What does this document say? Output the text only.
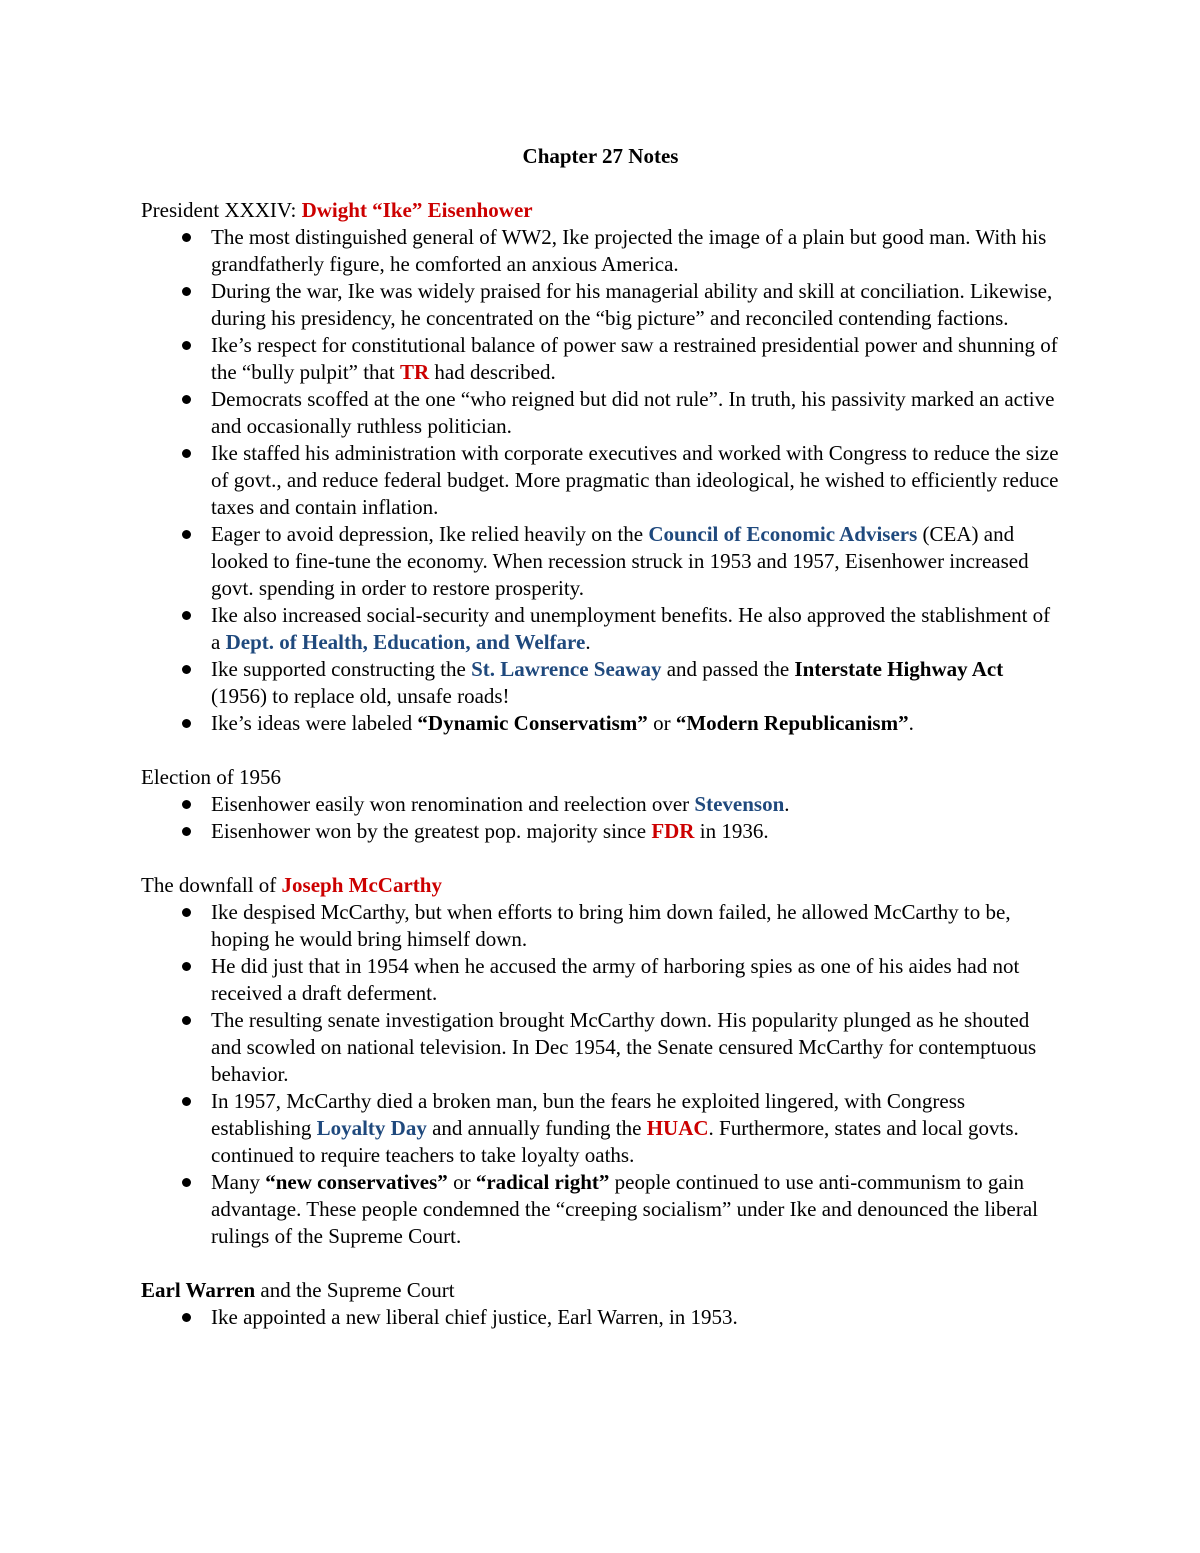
Chapter 27 Notes
President XXXIV: Dwight “Ike” Eisenhower
The most distinguished general of WW2, Ike projected the image of a plain but good man. With his grandfatherly figure, he comforted an anxious America.
During the war, Ike was widely praised for his managerial ability and skill at conciliation. Likewise, during his presidency, he concentrated on the “big picture” and reconciled contending factions.
Ike’s respect for constitutional balance of power saw a restrained presidential power and shunning of the “bully pulpit” that TR had described.
Democrats scoffed at the one “who reigned but did not rule”. In truth, his passivity marked an active and occasionally ruthless politician.
Ike staffed his administration with corporate executives and worked with Congress to reduce the size of govt., and reduce federal budget. More pragmatic than ideological, he wished to efficiently reduce taxes and contain inflation.
Eager to avoid depression, Ike relied heavily on the Council of Economic Advisers (CEA) and looked to fine-tune the economy. When recession struck in 1953 and 1957, Eisenhower increased govt. spending in order to restore prosperity.
Ike also increased social-security and unemployment benefits. He also approved the stablishment of a Dept. of Health, Education, and Welfare.
Ike supported constructing the St. Lawrence Seaway and passed the Interstate Highway Act (1956) to replace old, unsafe roads!
Ike’s ideas were labeled “Dynamic Conservatism” or “Modern Republicanism”.
Election of 1956
Eisenhower easily won renomination and reelection over Stevenson.
Eisenhower won by the greatest pop. majority since FDR in 1936.
The downfall of Joseph McCarthy
Ike despised McCarthy, but when efforts to bring him down failed, he allowed McCarthy to be, hoping he would bring himself down.
He did just that in 1954 when he accused the army of harboring spies as one of his aides had not received a draft deferment.
The resulting senate investigation brought McCarthy down. His popularity plunged as he shouted and scowled on national television. In Dec 1954, the Senate censured McCarthy for contemptuous behavior.
In 1957, McCarthy died a broken man, bun the fears he exploited lingered, with Congress establishing Loyalty Day and annually funding the HUAC. Furthermore, states and local govts. continued to require teachers to take loyalty oaths.
Many “new conservatives” or “radical right” people continued to use anti-communism to gain advantage. These people condemned the “creeping socialism” under Ike and denounced the liberal rulings of the Supreme Court.
Earl Warren and the Supreme Court
Ike appointed a new liberal chief justice, Earl Warren, in 1953.
